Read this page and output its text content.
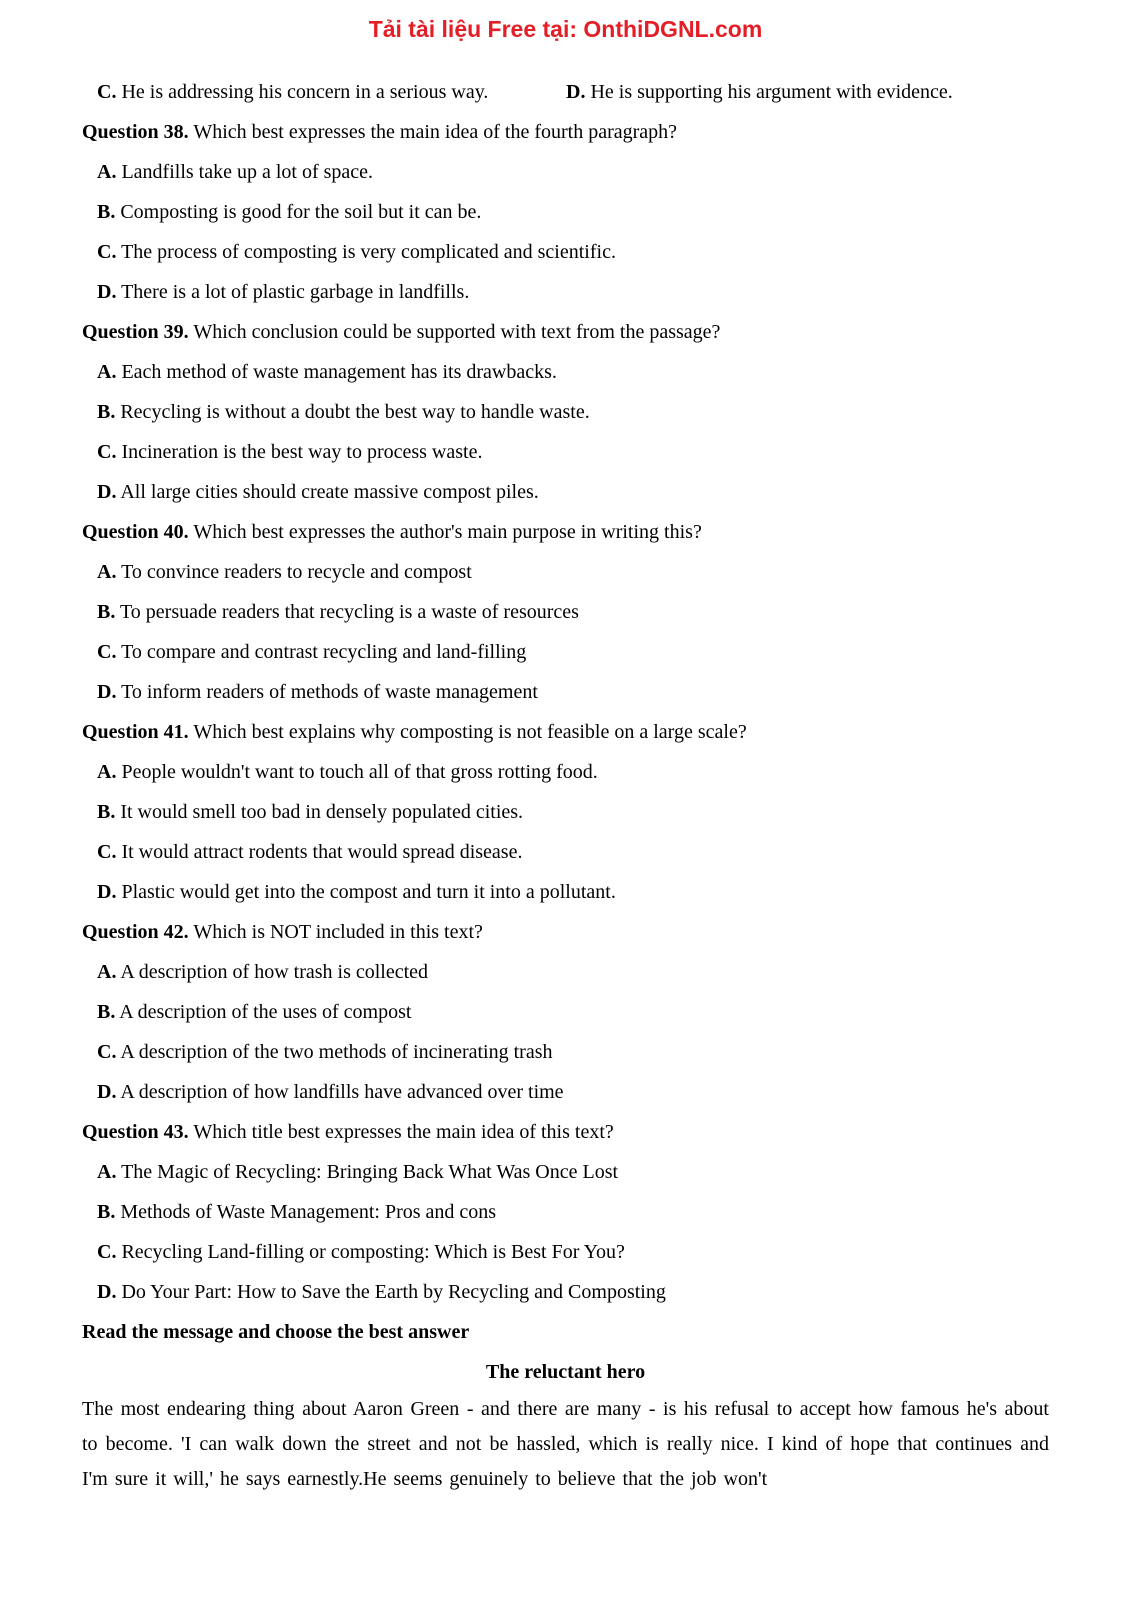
Tải tài liệu Free tại: OnthiDGNL.com
C. He is addressing his concern in a serious way.	D. He is supporting his argument with evidence.
Question 38. Which best expresses the main idea of the fourth paragraph?
A. Landfills take up a lot of space.
B. Composting is good for the soil but it can be.
C. The process of composting is very complicated and scientific.
D. There is a lot of plastic garbage in landfills.
Question 39. Which conclusion could be supported with text from the passage?
A. Each method of waste management has its drawbacks.
B. Recycling is without a doubt the best way to handle waste.
C. Incineration is the best way to process waste.
D. All large cities should create massive compost piles.
Question 40. Which best expresses the author's main purpose in writing this?
A. To convince readers to recycle and compost
B. To persuade readers that recycling is a waste of resources
C. To compare and contrast recycling and land-filling
D. To inform readers of methods of waste management
Question 41. Which best explains why composting is not feasible on a large scale?
A. People wouldn't want to touch all of that gross rotting food.
B. It would smell too bad in densely populated cities.
C. It would attract rodents that would spread disease.
D. Plastic would get into the compost and turn it into a pollutant.
Question 42. Which is NOT included in this text?
A. A description of how trash is collected
B. A description of the uses of compost
C. A description of the two methods of incinerating trash
D. A description of how landfills have advanced over time
Question 43. Which title best expresses the main idea of this text?
A. The Magic of Recycling: Bringing Back What Was Once Lost
B. Methods of Waste Management: Pros and cons
C. Recycling Land-filling or composting: Which is Best For You?
D. Do Your Part: How to Save the Earth by Recycling and Composting
Read the message and choose the best answer
The reluctant hero
The most endearing thing about Aaron Green - and there are many - is his refusal to accept how famous he's about to become. 'I can walk down the street and not be hassled, which is really nice. I kind of hope that continues and I'm sure it will,' he says earnestly.He seems genuinely to believe that the job won't
